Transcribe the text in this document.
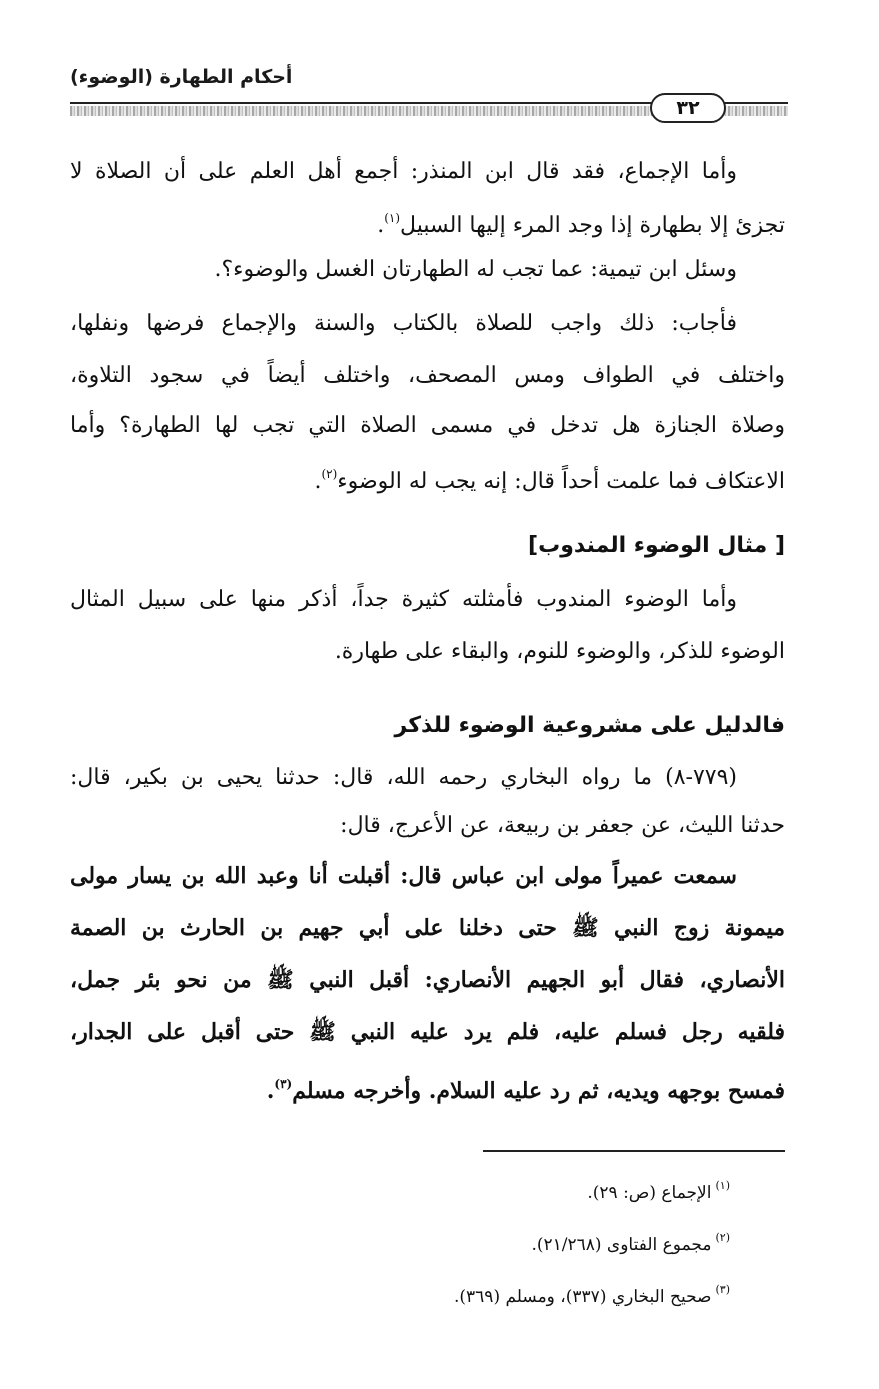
أحكام الطهارة (الوضوء)
٣٢
وأما الإجماع، فقد قال ابن المنذر: أجمع أهل العلم على أن الصلاة لا
تجزئ إلا بطهارة إذا وجد المرء إليها السبيل$^{(١)}$.
وسئل ابن تيمية: عما تجب له الطهارتان الغسل والوضوء؟.
فأجاب: ذلك واجب للصلاة بالكتاب والسنة والإجماع فرضها ونفلها،
واختلف في الطواف ومس المصحف، واختلف أيضاً في سجود التلاوة،
وصلاة الجنازة هل تدخل في مسمى الصلاة التي تجب لها الطهارة؟ وأما
الاعتكاف فما علمت أحداً قال: إنه يجب له الوضوء$^{(٢)}$.
[ مثال الوضوء المندوب]
وأما الوضوء المندوب فأمثلته كثيرة جداً، أذكر منها على سبيل المثال
الوضوء للذكر، والوضوء للنوم، والبقاء على طهارة.
فالدليل على مشروعية الوضوء للذكر
(٧٧٩-٨) ما رواه البخاري رحمه الله، قال: حدثنا يحيى بن بكير، قال:
حدثنا الليث، عن جعفر بن ربيعة، عن الأعرج، قال:
سمعت عميراً مولى ابن عباس قال: أقبلت أنا وعبد الله بن يسار مولى
ميمونة زوج النبي ﷺ حتى دخلنا على أبي جهيم بن الحارث بن الصمة
الأنصاري، فقال أبو الجهيم الأنصاري: أقبل النبي ﷺ من نحو بئر جمل،
فلقيه رجل فسلم عليه، فلم يرد عليه النبي ﷺ حتى أقبل على الجدار،
فمسح بوجهه ويديه، ثم رد عليه السلام. وأخرجه مسلم$^{(٣)}$.
$^{(١)}$الإجماع (ص: ٢٩).
$^{(٢)}$مجموع الفتاوى (٢١/٢٦٨).
$^{(٣)}$صحيح البخاري (٣٣٧)، ومسلم (٣٦٩).
